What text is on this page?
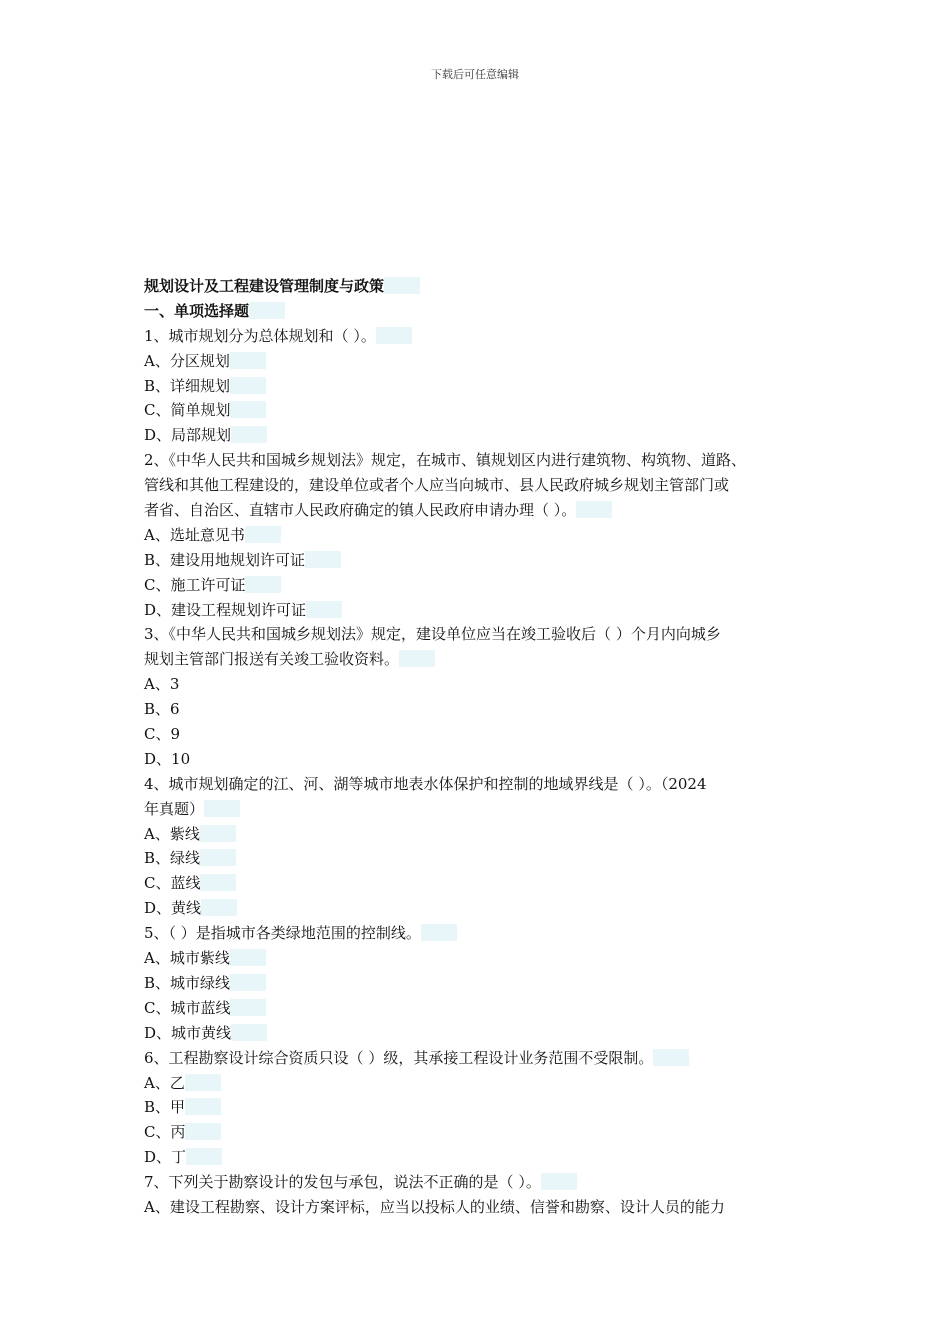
下载后可任意编辑
规划设计及工程建设管理制度与政策
一、单项选择题
1、城市规划分为总体规划和（ ）。
A、分区规划
B、详细规划
C、简单规划
D、局部规划
2、《中华人民共和国城乡规划法》规定，在城市、镇规划区内进行建筑物、构筑物、道路、
管线和其他工程建设的，建设单位或者个人应当向城市、县人民政府城乡规划主管部门或
者省、自治区、直辖市人民政府确定的镇人民政府申请办理（ ）。
A、选址意见书
B、建设用地规划许可证
C、施工许可证
D、建设工程规划许可证
3、《中华人民共和国城乡规划法》规定，建设单位应当在竣工验收后（ ）个月内向城乡
规划主管部门报送有关竣工验收资料。
A、3
B、6
C、9
D、10
4、城市规划确定的江、河、湖等城市地表水体保护和控制的地域界线是（ ）。（2024
年真题）
A、紫线
B、绿线
C、蓝线
D、黄线
5、（ ）是指城市各类绿地范围的控制线。
A、城市紫线
B、城市绿线
C、城市蓝线
D、城市黄线
6、工程勘察设计综合资质只设（ ）级，其承接工程设计业务范围不受限制。
A、乙
B、甲
C、丙
D、丁
7、下列关于勘察设计的发包与承包，说法不正确的是（ ）。
A、建设工程勘察、设计方案评标，应当以投标人的业绩、信誉和勘察、设计人员的能力
